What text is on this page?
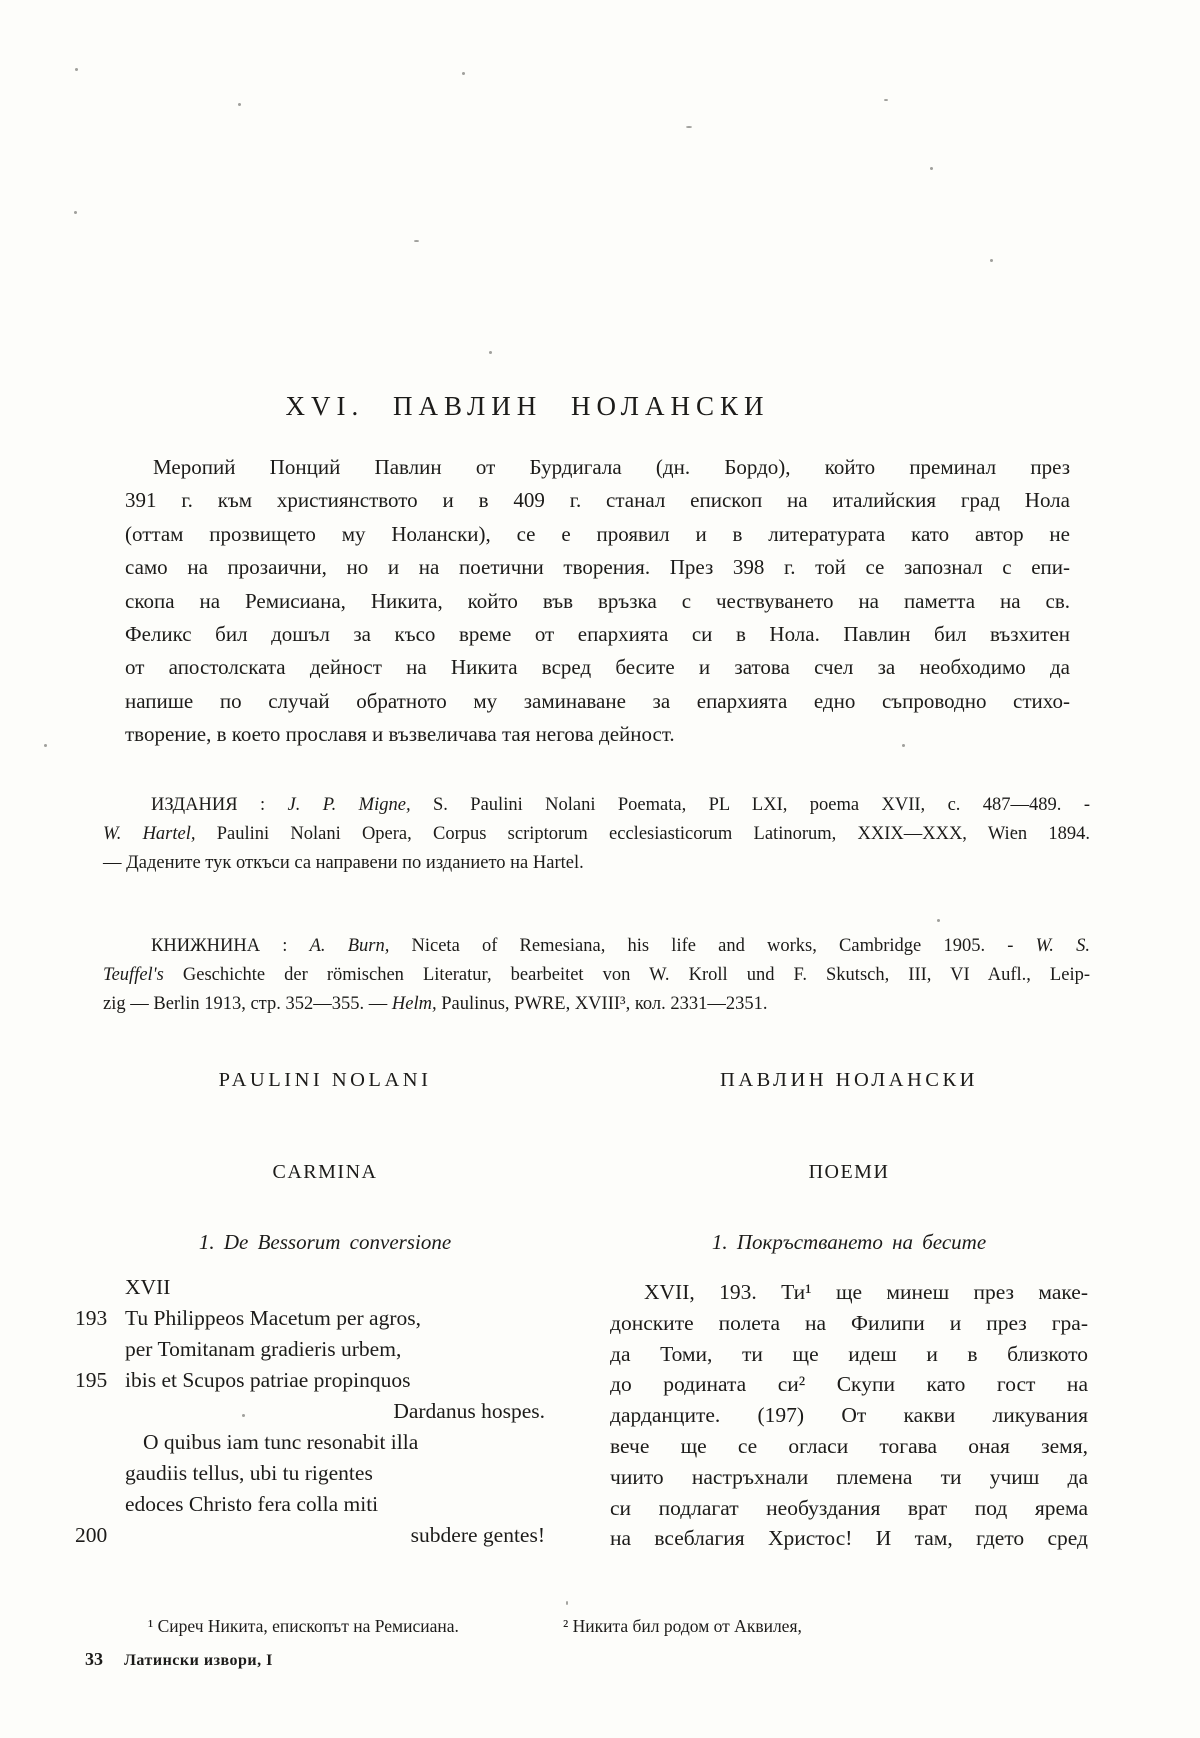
XVI. ПАВЛИН НОЛАНСКИ
Меропий Понций Павлин от Бурдигала (дн. Бордо), който преминал през
391 г. към християнството и в 409 г. станал епископ на италийския град Нола
(оттам прозвището му Нолански), се е проявил и в литературата като автор не
само на прозаични, но и на поетични творения. През 398 г. той се запознал с епи-
скопа на Ремисиана, Никита, който във връзка с чествуването на паметта на св.
Феликс бил дошъл за късо време от епархията си в Нола. Павлин бил възхитен
от апостолската дейност на Никита всред бесите и затова счел за необходимо да
напише по случай обратното му заминаване за епархията едно съпроводно стихо-
творение, в което прославя и възвеличава тая негова дейност.
ИЗДАНИЯ : J. P. Migne, S. Paulini Nolani Poemata, PL LXI, poema XVII, c. 487—489. -
W. Hartel, Paulini Nolani Opera, Corpus scriptorum ecclesiasticorum Latinorum, XXIX—XXX, Wien 1894.
— Дадените тук откъси са направени по изданието на Hartel.
КНИЖНИНА : A. Burn, Niceta of Remesiana, his life and works, Cambridge 1905. - W. S.
Teuffel's Geschichte der römischen Literatur, bearbeitet von W. Kroll und F. Skutsch, III, VI Aufl., Leip-
zig — Berlin 1913, стр. 352—355. — Helm, Paulinus, PWRE, XVIII³, кол. 2331—2351.
PAULINI NOLANI	ПАВЛИН НОЛАНСКИ
CARMINA	ПОЕМИ
1. De Bessorum conversione	1. Покръстването на бесите
XVII
193 Tu Philippeos Macetum per agros,
per Tomitanam gradieris urbem,
195 ibis et Scupos patriae propinquos
Dardanus hospes.
O quibus iam tunc resonabit illa
gaudiis tellus, ubi tu rigentes
edoces Christo fera colla miti
200	subdere gentes!
XVII, 193. Ти¹ ще минеш през маке-
донските полета на Филипи и през гра-
да Томи, ти ще идеш и в близкото
до родината си² Скупи като гост на
дарданците. (197) От какви ликувания
вече ще се огласи тогава оная земя,
чиито настръхнали племена ти учиш да
си подлагат необуздания врат под ярема
на всеблагия Христос! И там, гдето сред
¹ Сиреч Никита, епископът на Ремисиана.	² Никита бил родом от Аквилея,
33 Латински извори, I
